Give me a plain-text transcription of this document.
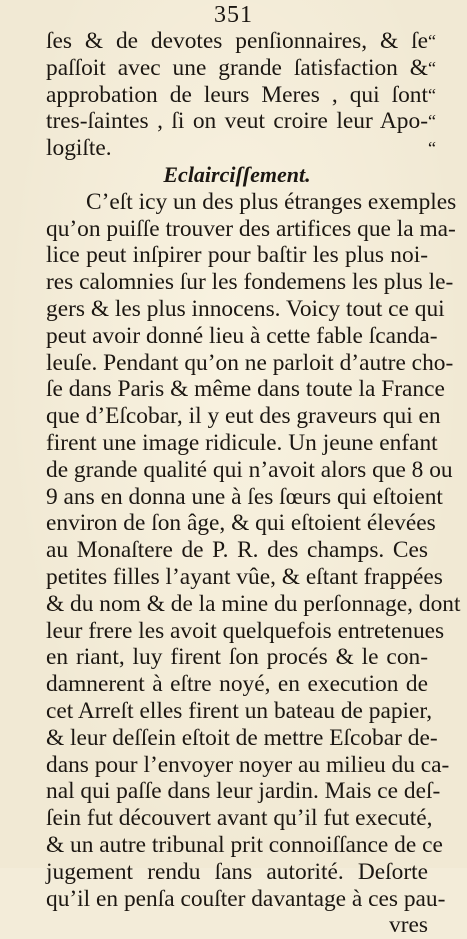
351
ſes & de devotes penſionnaires, & ſe
paſſoit avec une grande ſatisfaction &
approbation de leurs Meres , qui ſont
tres-ſaintes , ſi on veut croire leur Apo-
logiſte.
Eclairciſſement.
C’eſt icy un des plus étranges exemples
qu’on puiſſe trouver des artifices que la ma-
lice peut inſpirer pour baſtir les plus noi-
res calomnies ſur les fondemens les plus le-
gers & les plus innocens. Voicy tout ce qui
peut avoir donné lieu à cette fable ſcanda-
leuſe. Pendant qu’on ne parloit d’autre cho-
ſe dans Paris & même dans toute la France
que d’Eſcobar, il y eut des graveurs qui en
firent une image ridicule. Un jeune enfant
de grande qualité qui n’avoit alors que 8 ou
9 ans en donna une à ſes ſœurs qui eſtoient
environ de ſon âge, & qui eſtoient élevées
au Monaſtere de P. R. des champs. Ces
petites filles l’ayant vûe, & eſtant frappées
& du nom & de la mine du perſonnage, dont
leur frere les avoit quelquefois entretenues
en riant, luy firent ſon procés & le con-
damnerent à eſtre noyé, en execution de
cet Arreſt elles firent un bateau de papier,
& leur deſſein eſtoit de mettre Eſcobar de-
dans pour l’envoyer noyer au milieu du ca-
nal qui paſſe dans leur jardin. Mais ce deſ-
ſein fut découvert avant qu’il fut executé,
& un autre tribunal prit connoiſſance de ce
jugement rendu ſans autorité. Deſorte
qu’il en penſa couſter davantage à ces pau-
vres
“
“
“
“
“
